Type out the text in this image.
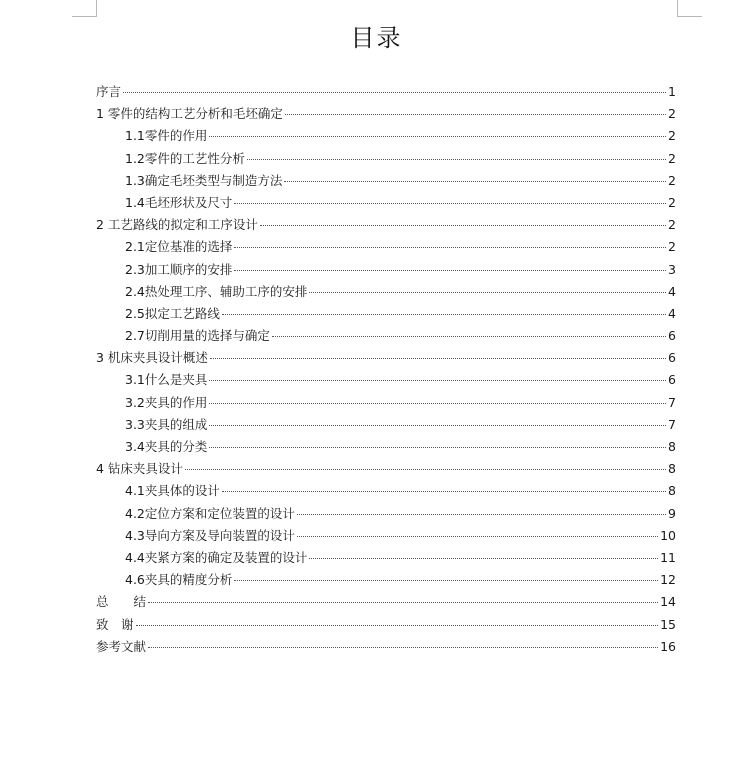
目录
序言	1
1 零件的结构工艺分析和毛坯确定	2
1.1零件的作用	2
1.2零件的工艺性分析	2
1.3确定毛坯类型与制造方法	2
1.4毛坯形状及尺寸	2
2 工艺路线的拟定和工序设计	2
2.1定位基准的选择	2
2.3加工顺序的安排	3
2.4热处理工序、辅助工序的安排	4
2.5拟定工艺路线	4
2.7切削用量的选择与确定	6
3 机床夹具设计概述	6
3.1什么是夹具	6
3.2夹具的作用	7
3.3夹具的组成	7
3.4夹具的分类	8
4 钻床夹具设计	8
4.1夹具体的设计	8
4.2定位方案和定位装置的设计	9
4.3导向方案及导向装置的设计	10
4.4夹紧方案的确定及装置的设计	11
4.6夹具的精度分析	12
总　　结	14
致　谢	15
参考文献	16
